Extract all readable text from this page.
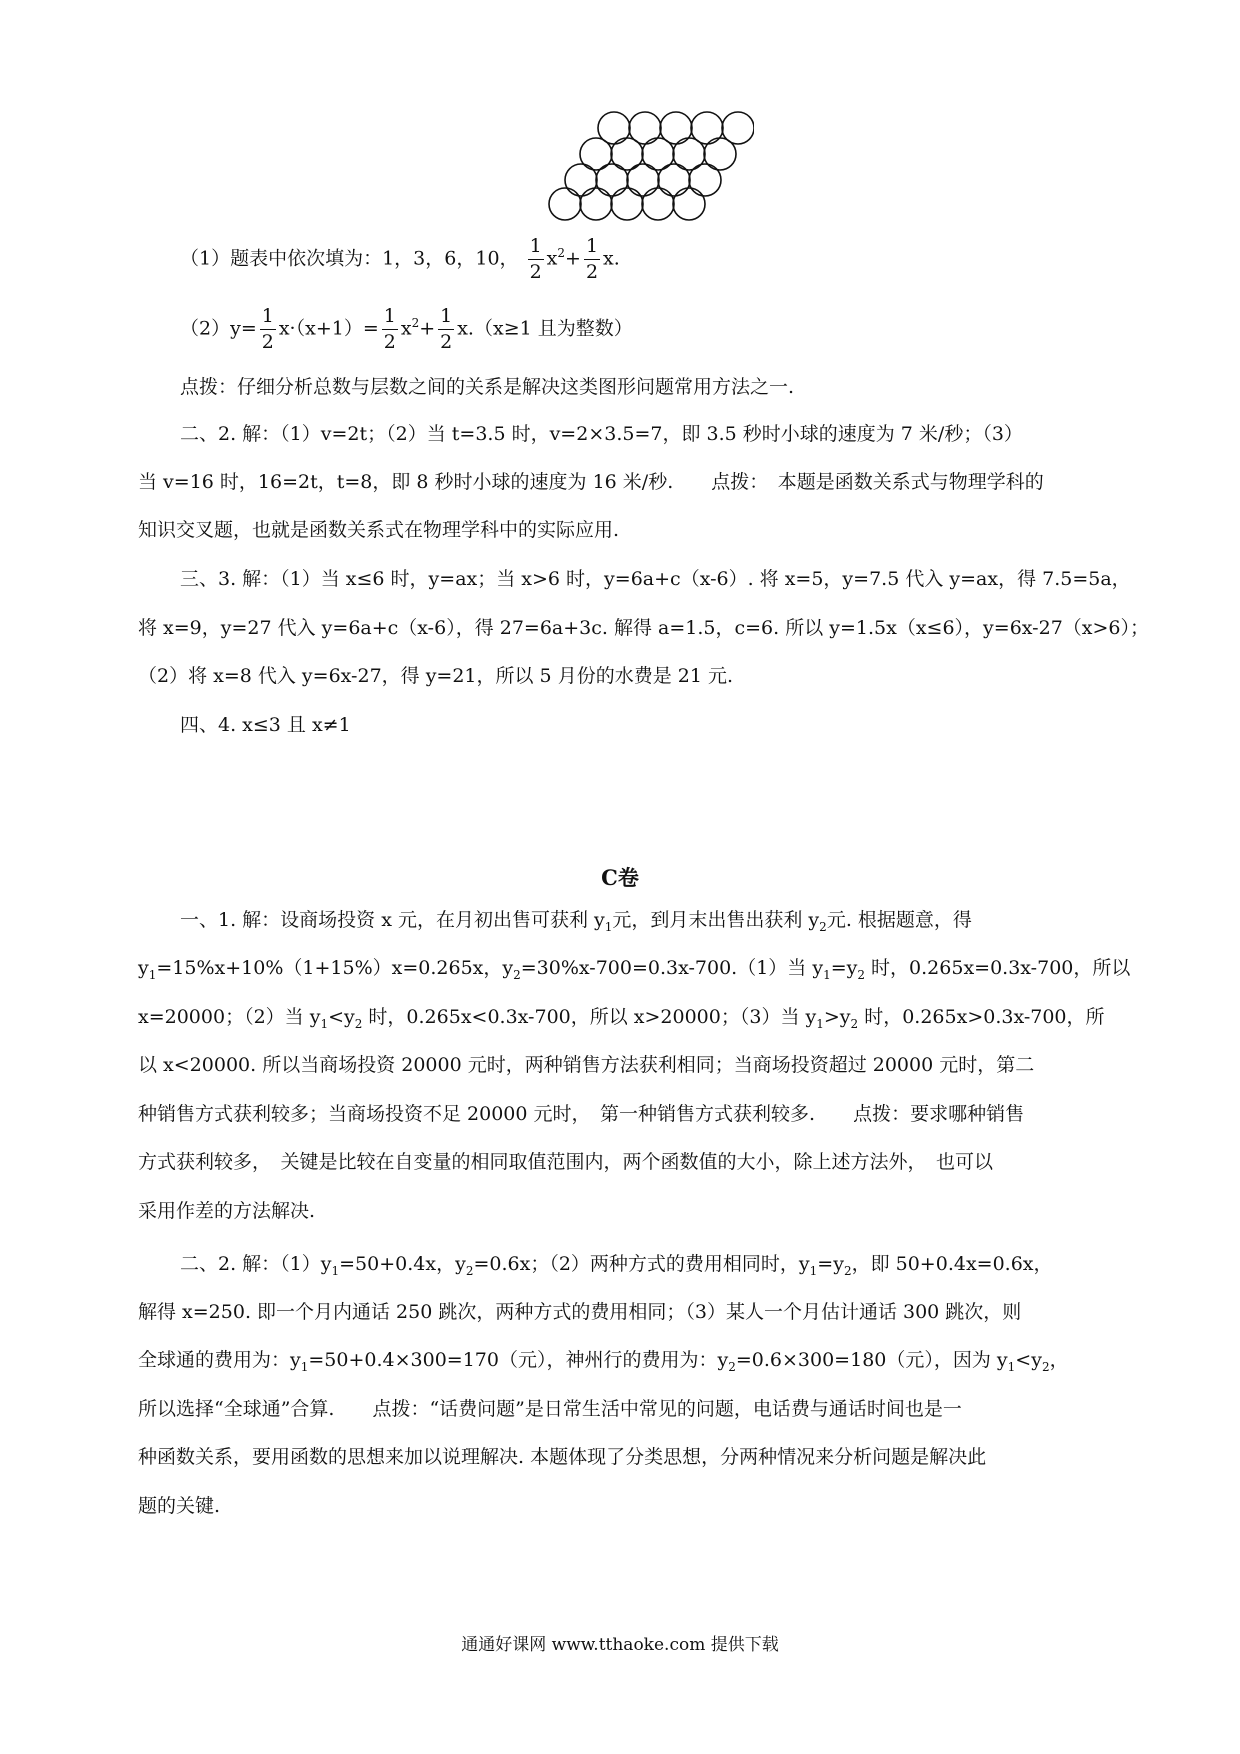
（1）题表中依次填为：1，3，6，10， $\frac{1}{2} x^2+ \frac{1}{2} x$.
$(2)y= \frac{1}{2} x\cdot(x+1)= \frac{1}{2} x^2+ \frac{1}{2} x.(x\ge 1$ 且为整数）
点拨：仔细分析总数与层数之间的关系是解决这类图形问题常用方法之一.
二、2. 解：（1）v=2t；（2）当 t=3.5 时，v=2×3.5=7，即 3.5 秒时小球的速度为 7 米/秒；（3）
当 v=16 时，16=2t，t=8，即 8 秒时小球的速度为 16 米/秒.　　点拨：　本题是函数关系式与物理学科的
知识交叉题，也就是函数关系式在物理学科中的实际应用.
三、3. 解：（1）当 x≤6 时，y=ax；当 x>6 时，y=6a+c（x-6）. 将 x=5，y=7.5 代入 y=ax，得 7.5=5a，
将 x=9，y=27 代入 y=6a+c（x-6），得 27=6a+3c. 解得 a=1.5，c=6. 所以 y=1.5x（x≤6），y=6x-27（x>6）；
（2）将 x=8 代入 y=6x-27，得 y=21，所以 5 月份的水费是 21 元.
四、4. x≤3 且 x≠1
C卷
一、1. 解：设商场投资 x 元，在月初出售可获利 $y_1$元，到月末出售出获利 $y_2$元. 根据题意，得
$y_1=15\%x+10\%(1+15\%)x=0.265x$，$y_2=30\%x-700=0.3x-700.(1)$当 $y_1=y_2$ 时，0.265x=0.3x-700，所以
x=20000；（2）当 $y_1<y_2$ 时，0.265x<0.3x-700，所以 x>20000；（3）当 $y_1>y_2$ 时，0.265x>0.3x-700，所
以 x<20000. 所以当商场投资 20000 元时，两种销售方法获利相同；当商场投资超过 20000 元时，第二
种销售方式获利较多；当商场投资不足 20000 元时，　第一种销售方式获利较多.　　点拨：要求哪种销售
方式获利较多，　关键是比较在自变量的相同取值范围内，两个函数值的大小，除上述方法外，　也可以
采用作差的方法解决.
二、2. 解：$(1)y_1=50+0.4x$，$y_2=0.6x$；（2）两种方式的费用相同时，$y_1=y_2$，即 50+0.4x=0.6x，
解得 x=250. 即一个月内通话 250 跳次，两种方式的费用相同；（3）某人一个月估计通话 300 跳次，则
全球通的费用为：$y_1=50+0.4\times 300=170$（元），神州行的费用为：$y_2=0.6\times 300=180$（元），因为 $y_1<y_2$，
所以选择“全球通”合算.　　点拨：“话费问题”是日常生活中常见的问题，电话费与通话时间也是一
种函数关系，要用函数的思想来加以说理解决. 本题体现了分类思想，分两种情况来分析问题是解决此
题的关键.
通通好课网 www.tthaoke.com 提供下载
